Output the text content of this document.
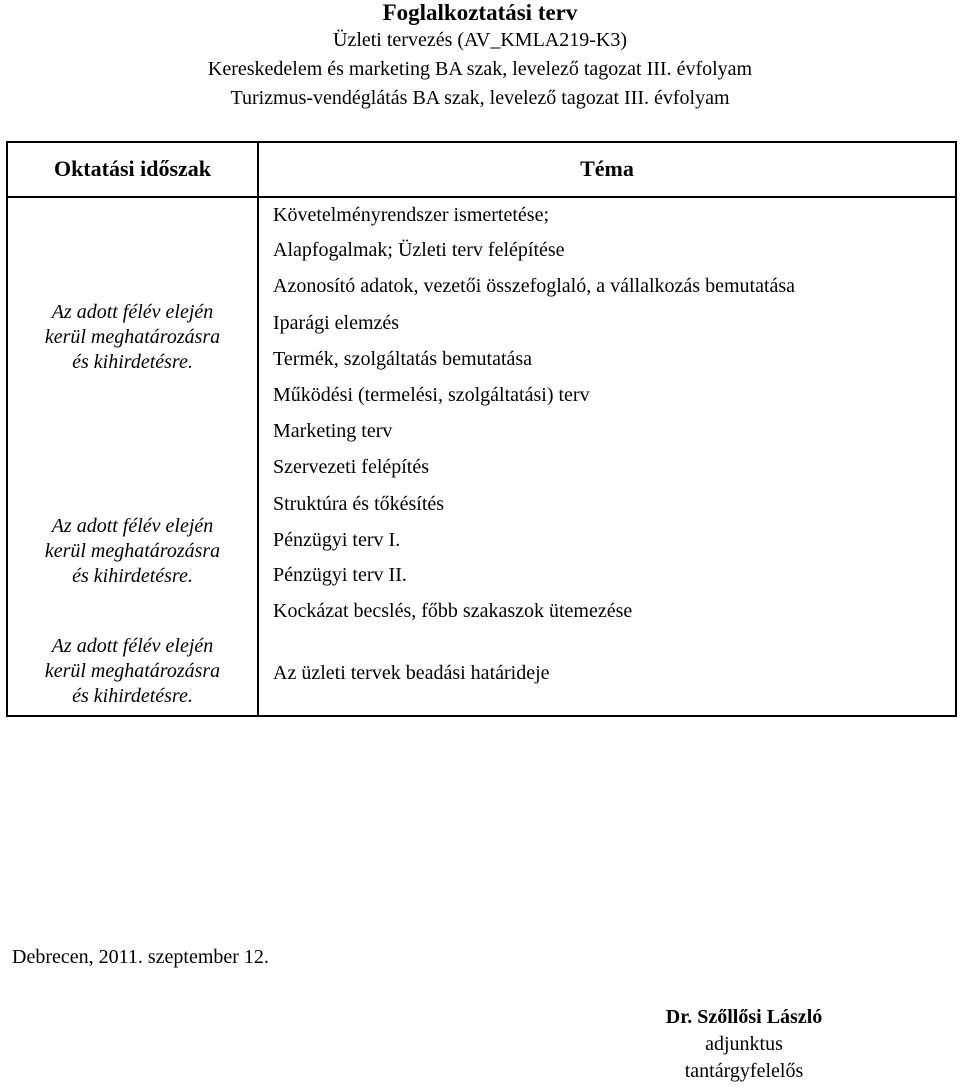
Foglalkoztatási terv
Üzleti tervezés (AV_KMLA219-K3)
Kereskedelem és marketing BA szak, levelező tagozat III. évfolyam
Turizmus-vendéglátás BA szak, levelező tagozat III. évfolyam
Oktatási időszak
Az adott félév elején
kerül meghatározásra
és kihirdetésre.
Az adott félév elején
kerül meghatározásra
és kihirdetésre.
Az adott félév elején
kerül meghatározásra
és kihirdetésre.
Téma
Követelményrendszer ismertetése;
Alapfogalmak; Üzleti terv felépítése
Azonosító adatok, vezetői összefoglaló, a vállalkozás bemutatása
Iparági elemzés
Termék, szolgáltatás bemutatása
Működési (termelési, szolgáltatási) terv
Marketing terv
Szervezeti felépítés
Struktúra és tőkésítés
Pénzügyi terv I.
Pénzügyi terv II.
Kockázat becslés, főbb szakaszok ütemezése
Az üzleti tervek beadási határideje
Debrecen, 2011. szeptember 12.
Dr. Szőllősi László
adjunktus
tantárgyfelelős
